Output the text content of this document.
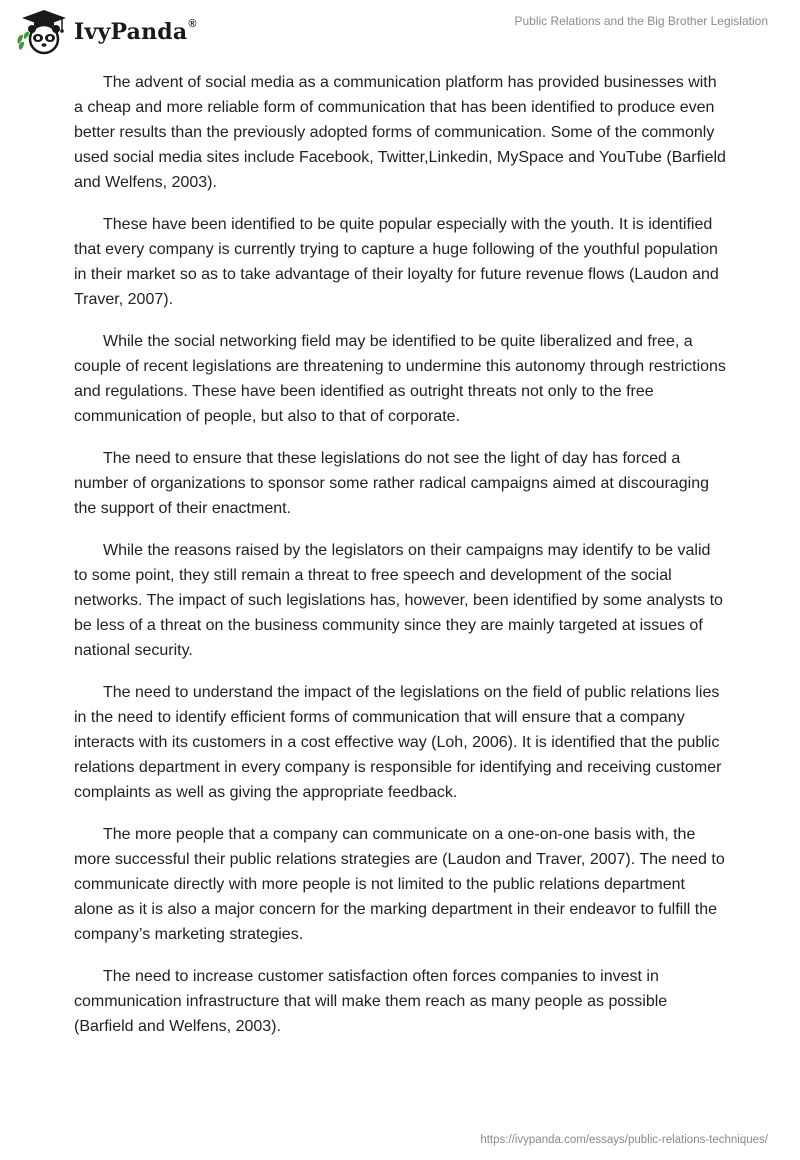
IvyPanda®	Public Relations and the Big Brother Legislation

The advent of social media as a communication platform has provided businesses with a cheap and more reliable form of communication that has been identified to produce even better results than the previously adopted forms of communication. Some of the commonly used social media sites include Facebook, Twitter,Linkedin, MySpace and YouTube (Barfield and Welfens, 2003).

These have been identified to be quite popular especially with the youth. It is identified that every company is currently trying to capture a huge following of the youthful population in their market so as to take advantage of their loyalty for future revenue flows (Laudon and Traver, 2007).

While the social networking field may be identified to be quite liberalized and free, a couple of recent legislations are threatening to undermine this autonomy through restrictions and regulations. These have been identified as outright threats not only to the free communication of people, but also to that of corporate.

The need to ensure that these legislations do not see the light of day has forced a number of organizations to sponsor some rather radical campaigns aimed at discouraging the support of their enactment.

While the reasons raised by the legislators on their campaigns may identify to be valid to some point, they still remain a threat to free speech and development of the social networks. The impact of such legislations has, however, been identified by some analysts to be less of a threat on the business community since they are mainly targeted at issues of national security.

The need to understand the impact of the legislations on the field of public relations lies in the need to identify efficient forms of communication that will ensure that a company interacts with its customers in a cost effective way (Loh, 2006). It is identified that the public relations department in every company is responsible for identifying and receiving customer complaints as well as giving the appropriate feedback.

The more people that a company can communicate on a one-on-one basis with, the more successful their public relations strategies are (Laudon and Traver, 2007). The need to communicate directly with more people is not limited to the public relations department alone as it is also a major concern for the marking department in their endeavor to fulfill the company’s marketing strategies.

The need to increase customer satisfaction often forces companies to invest in communication infrastructure that will make them reach as many people as possible (Barfield and Welfens, 2003).

https://ivypanda.com/essays/public-relations-techniques/
